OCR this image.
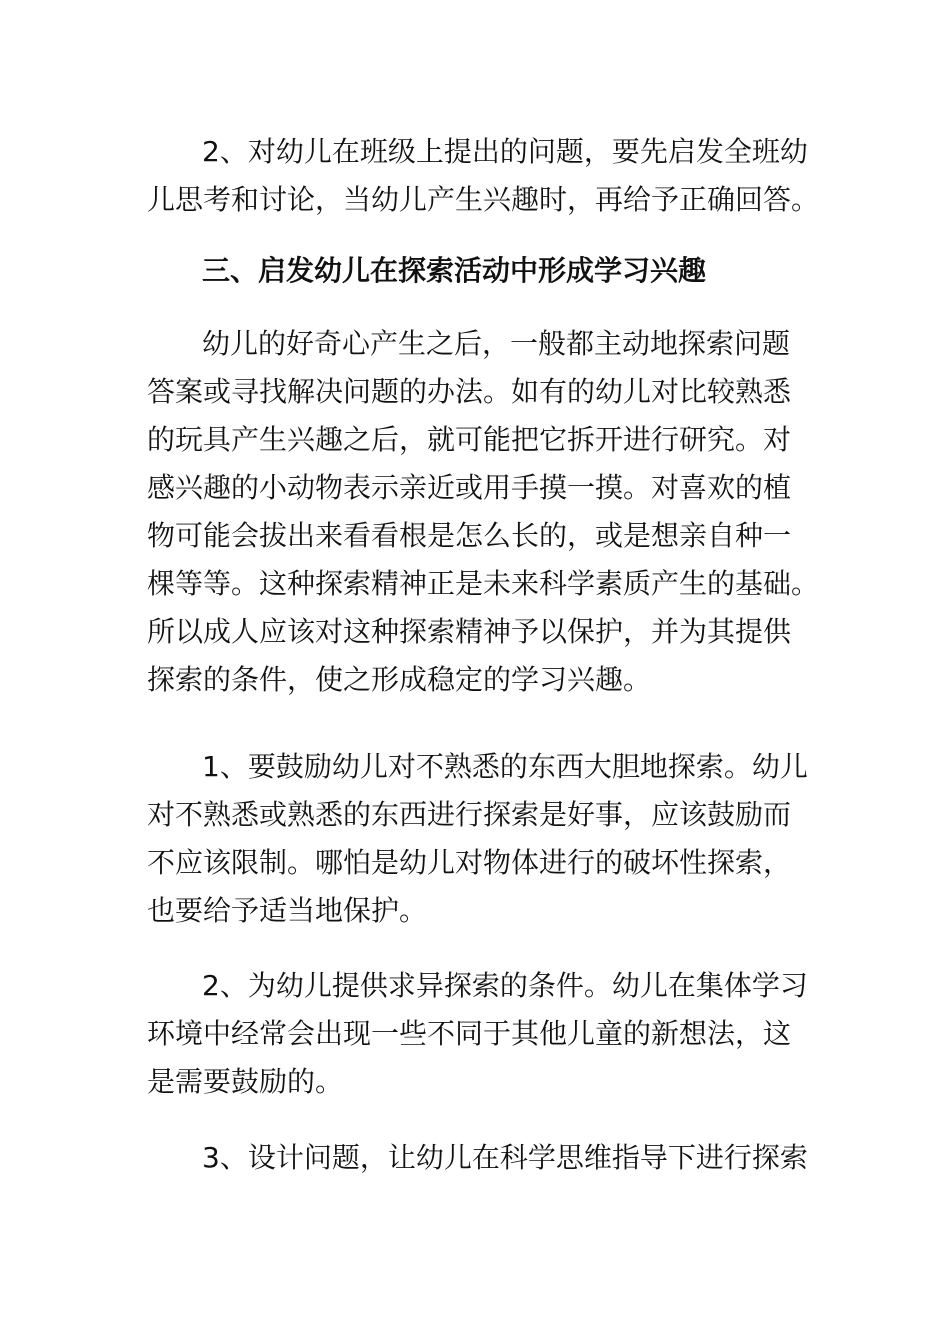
2、对幼儿在班级上提出的问题，要先启发全班幼
儿思考和讨论，当幼儿产生兴趣时，再给予正确回答。

三、启发幼儿在探索活动中形成学习兴趣

幼儿的好奇心产生之后，一般都主动地探索问题
答案或寻找解决问题的办法。如有的幼儿对比较熟悉
的玩具产生兴趣之后，就可能把它拆开进行研究。对
感兴趣的小动物表示亲近或用手摸一摸。对喜欢的植
物可能会拔出来看看根是怎么长的，或是想亲自种一
棵等等。这种探索精神正是未来科学素质产生的基础。
所以成人应该对这种探索精神予以保护，并为其提供
探索的条件，使之形成稳定的学习兴趣。

1、要鼓励幼儿对不熟悉的东西大胆地探索。幼儿
对不熟悉或熟悉的东西进行探索是好事，应该鼓励而
不应该限制。哪怕是幼儿对物体进行的破坏性探索，
也要给予适当地保护。

2、为幼儿提供求异探索的条件。幼儿在集体学习
环境中经常会出现一些不同于其他儿童的新想法，这
是需要鼓励的。

3、设计问题，让幼儿在科学思维指导下进行探索
